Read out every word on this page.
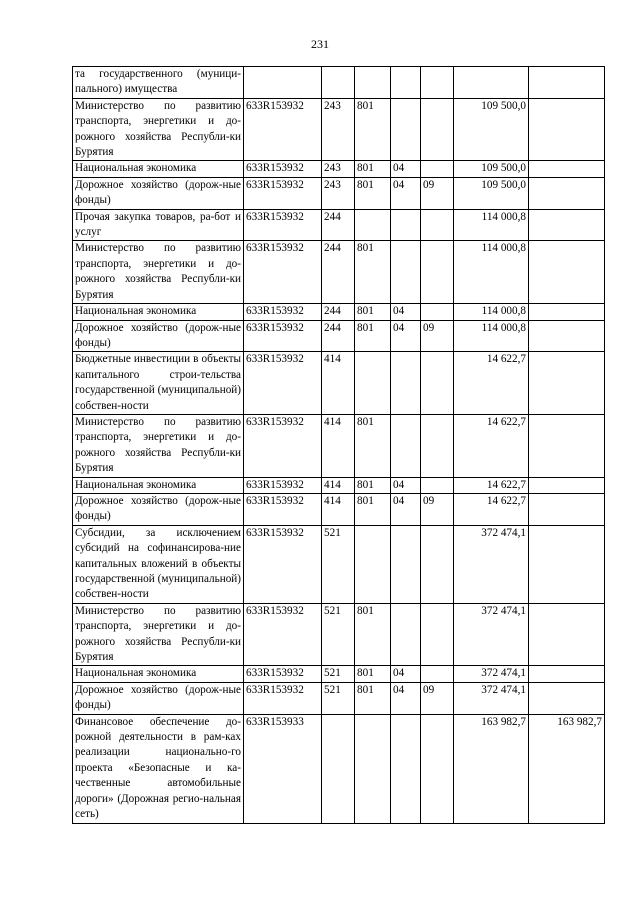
231
та государственного (муници-пального) имущества							
Министерство по развитию транспорта, энергетики и до-рожного хозяйства Республи-ки Бурятия	633R153932	243	801			109 500,0	
Национальная экономика	633R153932	243	801	04		109 500,0	
Дорожное хозяйство (дорож-ные фонды)	633R153932	243	801	04	09	109 500,0	
Прочая закупка товаров, ра-бот и услуг	633R153932	244				114 000,8	
Министерство по развитию транспорта, энергетики и до-рожного хозяйства Республи-ки Бурятия	633R153932	244	801			114 000,8	
Национальная экономика	633R153932	244	801	04		114 000,8	
Дорожное хозяйство (дорож-ные фонды)	633R153932	244	801	04	09	114 000,8	
Бюджетные инвестиции в объекты капитального строи-тельства государственной (муниципальной) собствен-ности	633R153932	414				14 622,7	
Министерство по развитию транспорта, энергетики и до-рожного хозяйства Республи-ки Бурятия	633R153932	414	801			14 622,7	
Национальная экономика	633R153932	414	801	04		14 622,7	
Дорожное хозяйство (дорож-ные фонды)	633R153932	414	801	04	09	14 622,7	
Субсидии, за исключением субсидий на софинансирова-ние капитальных вложений в объекты государственной (муниципальной) собствен-ности	633R153932	521				372 474,1	
Министерство по развитию транспорта, энергетики и до-рожного хозяйства Республи-ки Бурятия	633R153932	521	801			372 474,1	
Национальная экономика	633R153932	521	801	04		372 474,1	
Дорожное хозяйство (дорож-ные фонды)	633R153932	521	801	04	09	372 474,1	
Финансовое обеспечение до-рожной деятельности в рам-ках реализации национально-го проекта «Безопасные и ка-чественные автомобильные дороги» (Дорожная регио-нальная сеть)	633R153933					163 982,7	163 982,7
